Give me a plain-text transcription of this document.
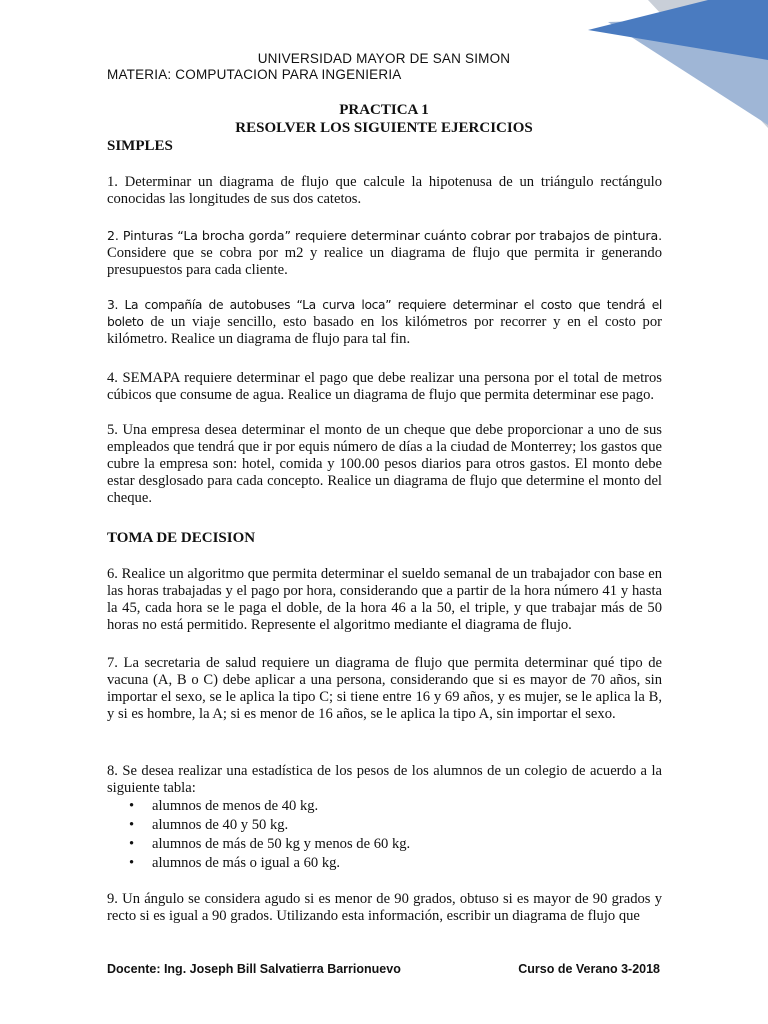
UNIVERSIDAD MAYOR DE SAN SIMON
MATERIA: COMPUTACION PARA INGENIERIA
PRACTICA 1
RESOLVER LOS SIGUIENTE EJERCICIOS
SIMPLES
1. Determinar un diagrama de flujo que calcule la hipotenusa de un triángulo rectángulo conocidas las longitudes de sus dos catetos.
2. Pinturas “La brocha gorda” requiere determinar cuánto cobrar por trabajos de pintura. Considere que se cobra por m2 y realice un diagrama de flujo que permita ir generando presupuestos para cada cliente.
3. La compañía de autobuses “La curva loca” requiere determinar el costo que tendrá el boleto de un viaje sencillo, esto basado en los kilómetros por recorrer y en el costo por kilómetro. Realice un diagrama de flujo para tal fin.
4. SEMAPA requiere determinar el pago que debe realizar una persona por el total de metros cúbicos que consume de agua. Realice un diagrama de flujo que permita determinar ese pago.
5. Una empresa desea determinar el monto de un cheque que debe proporcionar a uno de sus empleados que tendrá que ir por equis número de días a la ciudad de Monterrey; los gastos que cubre la empresa son: hotel, comida y 100.00 pesos diarios para otros gastos. El monto debe estar desglosado para cada concepto. Realice un diagrama de flujo que determine el monto del cheque.
TOMA DE DECISION
6. Realice un algoritmo que permita determinar el sueldo semanal de un trabajador con base en las horas trabajadas y el pago por hora, considerando que a partir de la hora número 41 y hasta la 45, cada hora se le paga el doble, de la hora 46 a la 50, el triple, y que trabajar más de 50 horas no está permitido. Represente el algoritmo mediante el diagrama de flujo.
7. La secretaria de salud requiere un diagrama de flujo que permita determinar qué tipo de vacuna (A, B o C) debe aplicar a una persona, considerando que si es mayor de 70 años, sin importar el sexo, se le aplica la tipo C; si tiene entre 16 y 69 años, y es mujer, se le aplica la B, y si es hombre, la A; si es menor de 16 años, se le aplica la tipo A, sin importar el sexo.
8. Se desea realizar una estadística de los pesos de los alumnos de un colegio de acuerdo a la siguiente tabla:
• alumnos de menos de 40 kg.
• alumnos de 40 y 50 kg.
• alumnos de más de 50 kg y menos de 60 kg.
• alumnos de más o igual a 60 kg.
9. Un ángulo se considera agudo si es menor de 90 grados, obtuso si es mayor de 90 grados y recto si es igual a 90 grados. Utilizando esta información, escribir un diagrama de flujo que
Docente: Ing. Joseph Bill Salvatierra Barrionuevo	Curso de Verano 3-2018
